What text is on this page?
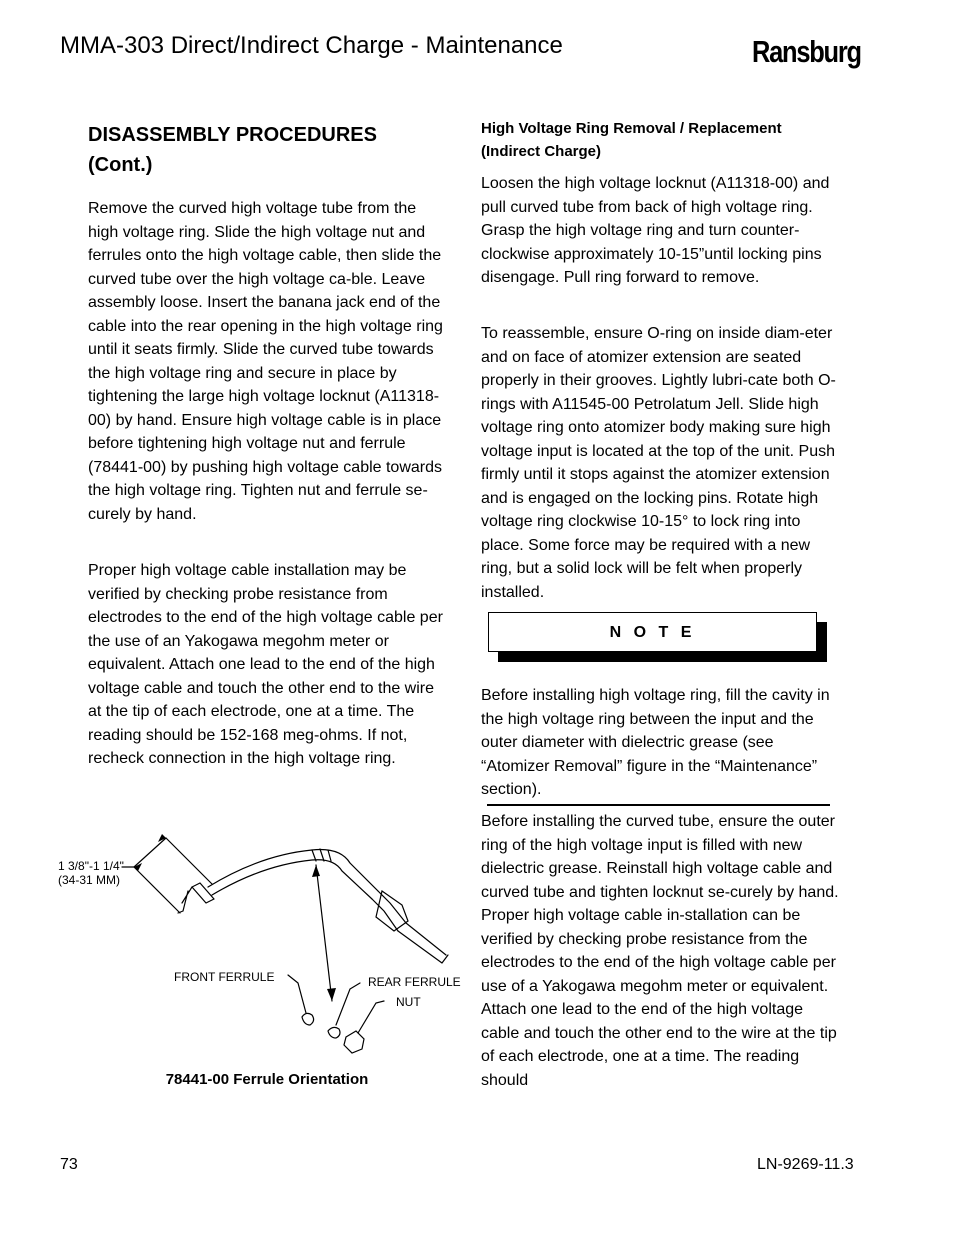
MMA-303 Direct/Indirect Charge - Maintenance	Ransburg
DISASSEMBLY PROCEDURES
(Cont.)
Remove the curved high voltage tube from the high voltage ring. Slide the high voltage nut and ferrules onto the high voltage cable, then slide the curved tube over the high voltage ca-ble. Leave assembly loose. Insert the banana jack end of the cable into the rear opening in the high voltage ring until it seats firmly. Slide the curved tube towards the high voltage ring and secure in place by tightening the large high voltage locknut (A11318-00) by hand. Ensure high voltage cable is in place before tightening high voltage nut and ferrule (78441-00) by pushing high voltage cable towards the high voltage ring. Tighten nut and ferrule se-curely by hand.
Proper high voltage cable installation may be verified by checking probe resistance from electrodes to the end of the high voltage cable per the use of an Yakogawa megohm meter or equivalent. Attach one lead to the end of the high voltage cable and touch the other end to the wire at the tip of each electrode, one at a time. The reading should be 152-168 meg-ohms. If not, recheck connection in the high voltage ring.
1 3/8"-1 1/4"
(34-31 MM)
FRONT FERRULE	REAR FERRULE
NUT
78441-00 Ferrule Orientation
High Voltage Ring Removal / Replacement
(Indirect Charge)
Loosen the high voltage locknut (A11318-00) and pull curved tube from back of high voltage ring. Grasp the high voltage ring and turn counter-clockwise approximately 10-15”until locking pins disengage. Pull ring forward to remove.
To reassemble, ensure O-ring on inside diam-eter and on face of atomizer extension are seated properly in their grooves. Lightly lubri-cate both O-rings with A11545-00 Petrolatum Jell. Slide high voltage ring onto atomizer body making sure high voltage input is located at the top of the unit. Push firmly until it stops against the atomizer extension and is engaged on the locking pins. Rotate high voltage ring clockwise 10-15° to lock ring into place. Some force may be required with a new ring, but a solid lock will be felt when properly installed.
N O T E
Before installing high voltage ring, fill the cavity in the high voltage ring between the input and the outer diameter with dielectric grease (see “Atomizer Removal” figure in the “Maintenance” section).
Before installing the curved tube, ensure the outer ring of the high voltage input is filled with new dielectric grease. Reinstall high voltage cable and curved tube and tighten locknut se-curely by hand. Proper high voltage cable in-stallation can be verified by checking probe resistance from the electrodes to the end of the high voltage cable per use of a Yakogawa megohm meter or equivalent. Attach one lead to the end of the high voltage cable and touch the other end to the wire at the tip of each electrode, one at a time. The reading should
73	LN-9269-11.3
